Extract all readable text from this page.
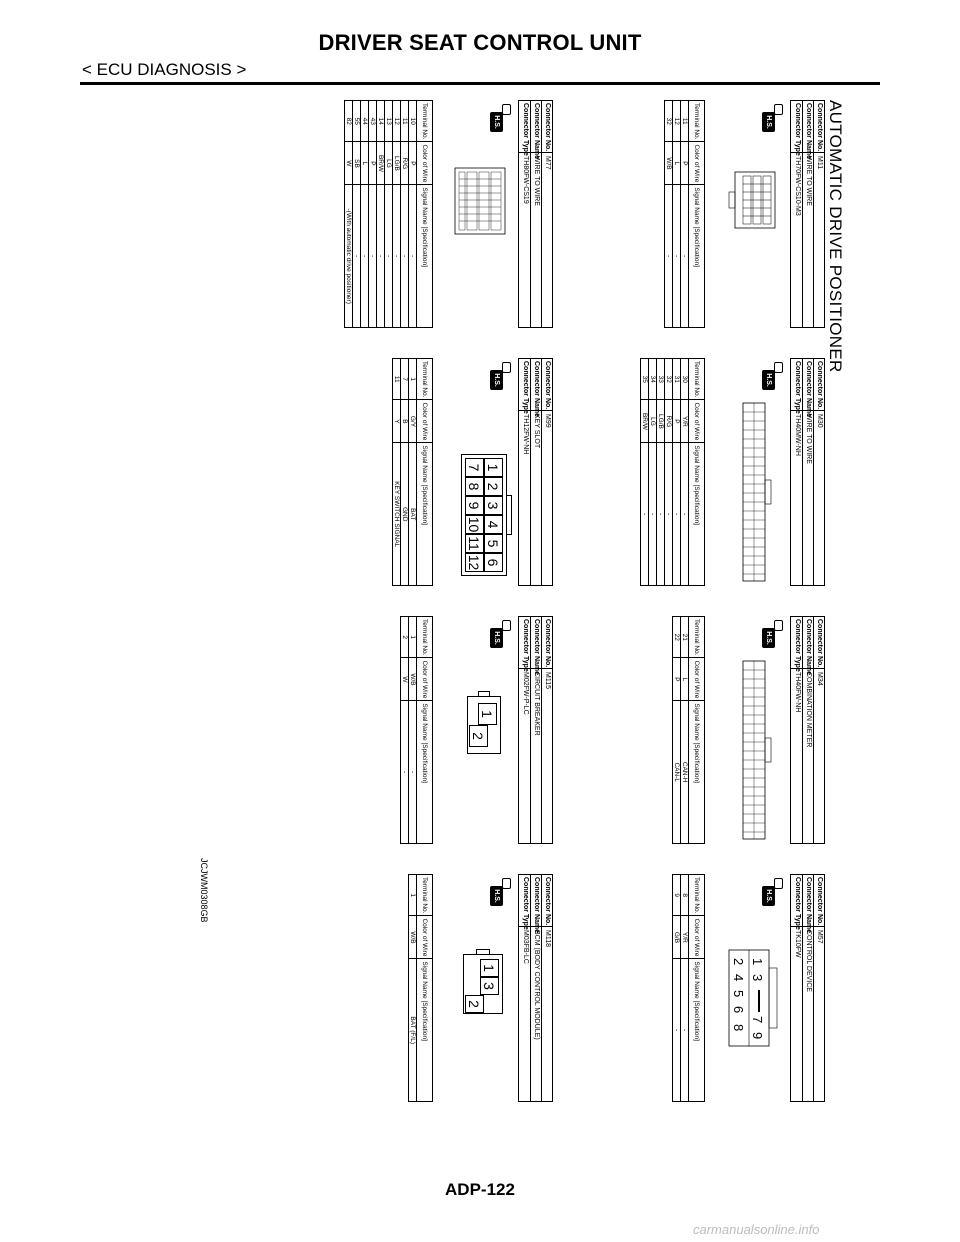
DRIVER SEAT CONTROL UNIT
< ECU DIAGNOSIS >
AUTOMATIC DRIVE POSITIONER
Connector No.
M11
Connector Name
WIRE TO WIRE
Connector Type
TH70FW-CS10-M3
H.S.
Terminal No.	Color of Wire	Signal Name [Specification]
11	P	-
12	L	-
32	W/B	-
Connector No.
M30
Connector Name
WIRE TO WIRE
Connector Type
TH40MW-NH
H.S.
Terminal No.	Color of Wire	Signal Name [Specification]
30	Y/R	-
31	P	-
32	R/G	-
33	LG/B	-
34	LG	-
35	BR/W	-
Connector No.
M34
Connector Name
COMBINATION METER
Connector Type
TH40FW-NH
H.S.
Terminal No.	Color of Wire	Signal Name [Specification]
21	L	CAN-H
22	P	CAN-L
Connector No.
M57
Connector Name
CONTROL DEVICE
Connector Type
TK10FW
H.S.
1
3
7
9
2
4
5
6
8
Terminal No.	Color of Wire	Signal Name [Specification]
8	Y/R	-
9	G/B	-
Connector No.
M77
Connector Name
WIRE TO WIRE
Connector Type
TH80FW-CS19
H.S.
Terminal No.	Color of Wire	Signal Name [Specification]
10	P	-
11	R/G	-
12	LG/B	-
13	LG	-
14	BR/W	-
43	P	-
44	L	-
55	SB	-
82	W	-(With automatic drive positioner)
Connector No.
M99
Connector Name
KEY SLOT
Connector Type
TH12FW-NH
H.S.
1
2
3
4
5
6
7
8
9
10
11
12
Terminal No.	Color of Wire	Signal Name [Specification]
1	G/Y	BAT
7	B	GND
11	Y	KEY SWITCH SIGNAL
Connector No.
M115
Connector Name
CIRCUIT BREAKER
Connector Type
M02FW-P-LC
H.S.
1
2
Terminal No.	Color of Wire	Signal Name [Specification]
1	W/B	-
2	W	-
Connector No.
M118
Connector Name
BCM (BODY CONTROL MODULE)
Connector Type
M03FB-LC
H.S.
1
3
2
Terminal No.	Color of Wire	Signal Name [Specification]
1	W/B	BAT (F/L)
JCJWM0308GB
ADP-122
carmanualsonline.info
